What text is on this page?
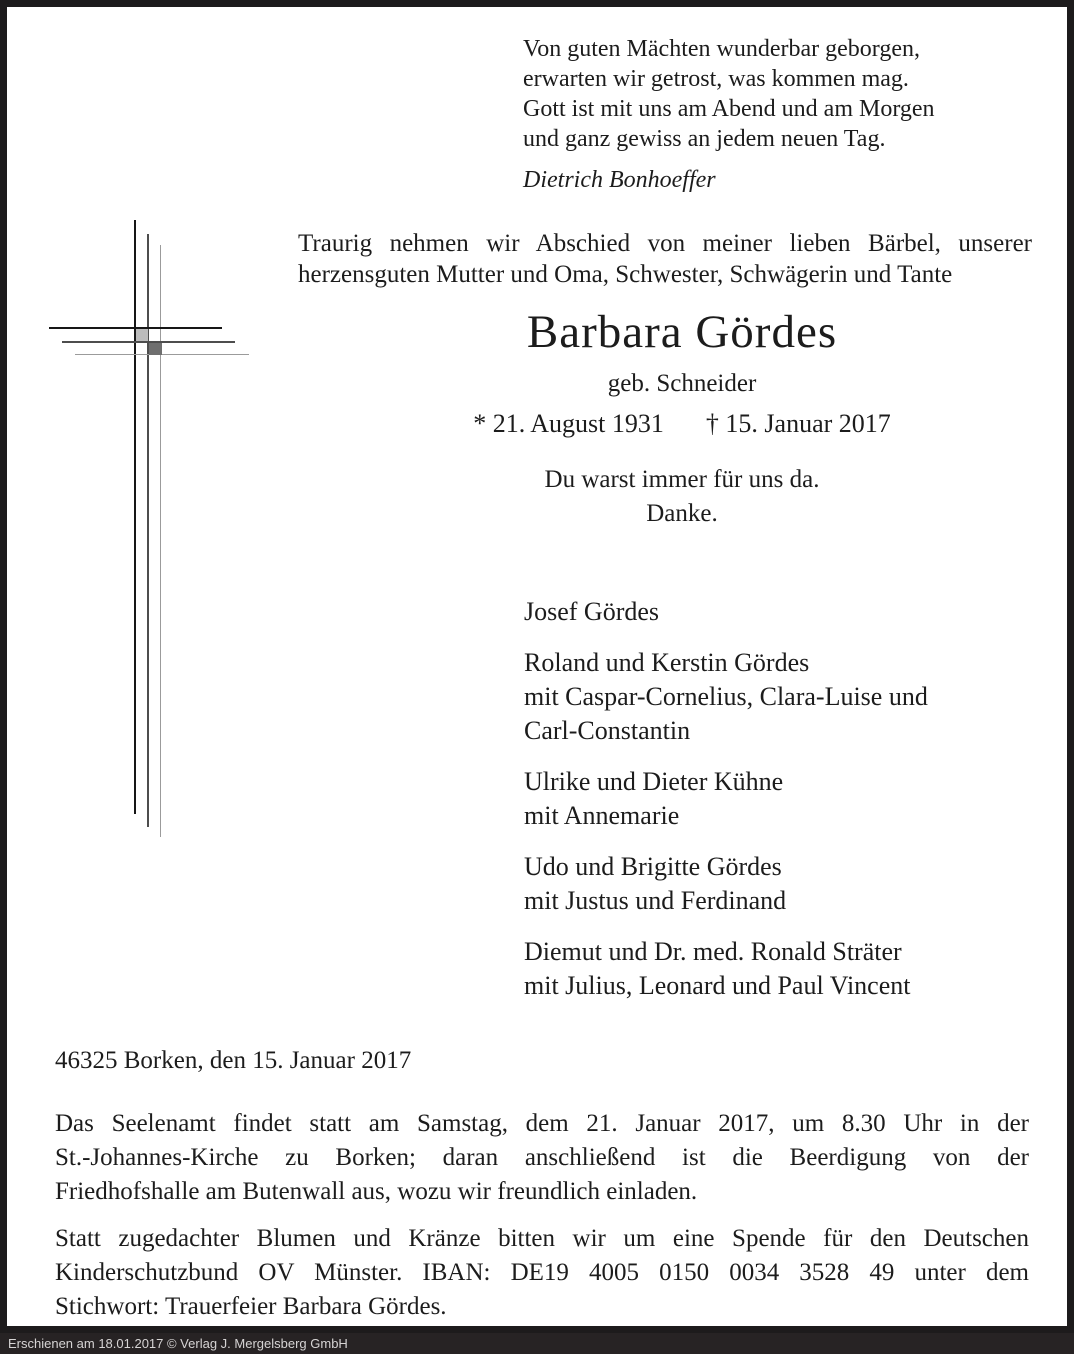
Von guten Mächten wunderbar geborgen,
erwarten wir getrost, was kommen mag.
Gott ist mit uns am Abend und am Morgen
und ganz gewiss an jedem neuen Tag.
Dietrich Bonhoeffer
Traurig nehmen wir Abschied von meiner lieben Bärbel, unserer
herzensguten Mutter und Oma, Schwester, Schwägerin und Tante
Barbara Gördes
geb. Schneider
* 21. August 1931 † 15. Januar 2017
Du warst immer für uns da.
Danke.
Josef Gördes
Roland und Kerstin Gördes
mit Caspar-Cornelius, Clara-Luise und
Carl-Constantin
Ulrike und Dieter Kühne
mit Annemarie
Udo und Brigitte Gördes
mit Justus und Ferdinand
Diemut und Dr. med. Ronald Sträter
mit Julius, Leonard und Paul Vincent
46325 Borken, den 15. Januar 2017
Das Seelenamt findet statt am Samstag, dem 21. Januar 2017, um 8.30 Uhr in der
St.-Johannes-Kirche zu Borken; daran anschließend ist die Beerdigung von der
Friedhofshalle am Butenwall aus, wozu wir freundlich einladen.
Statt zugedachter Blumen und Kränze bitten wir um eine Spende für den Deutschen
Kinderschutzbund OV Münster. IBAN: DE19 4005 0150 0034 3528 49 unter dem
Stichwort: Trauerfeier Barbara Gördes.
Erschienen am 18.01.2017 © Verlag J. Mergelsberg GmbH
